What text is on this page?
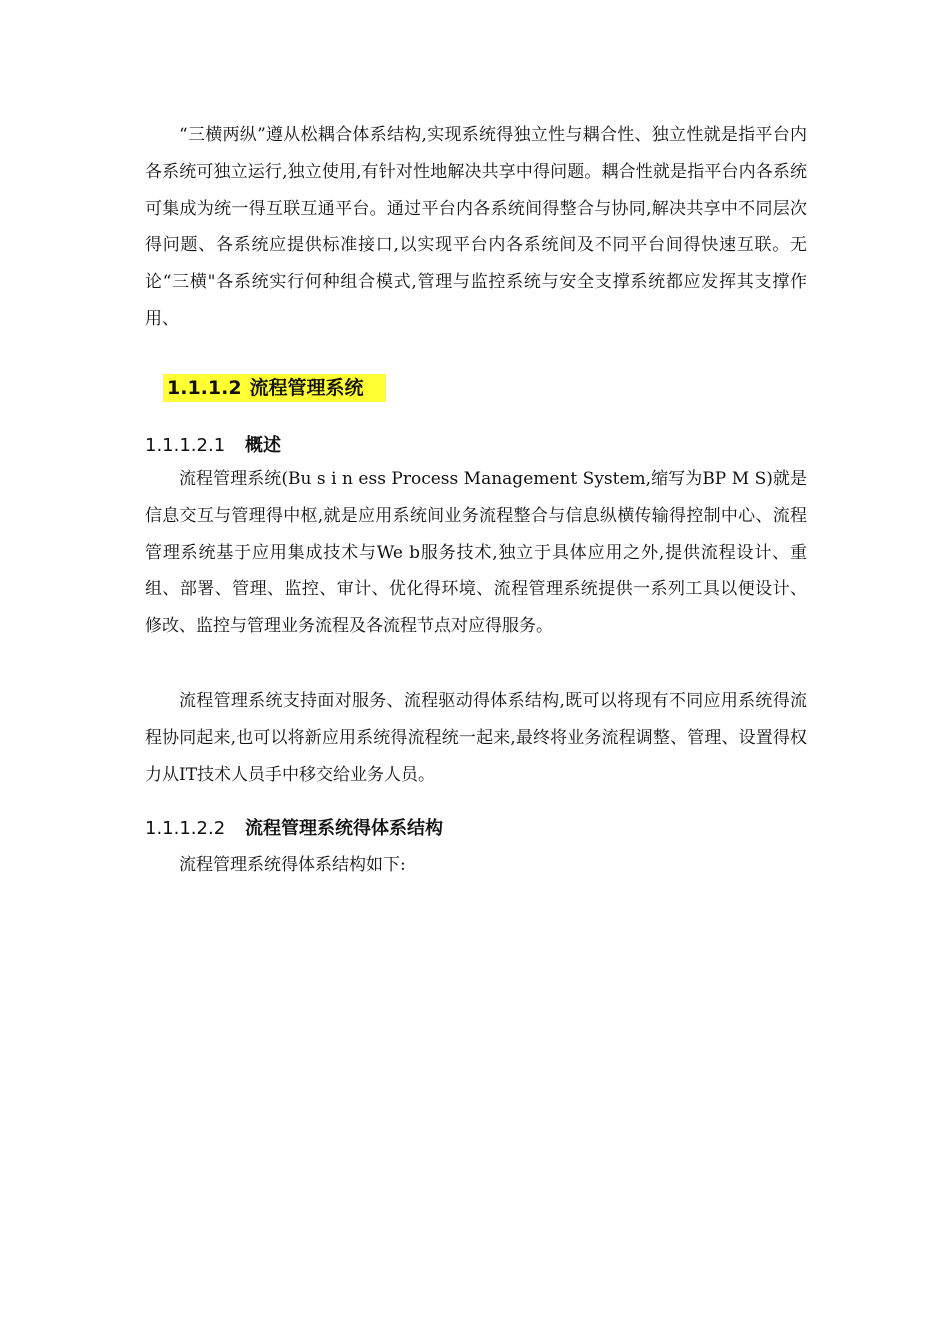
“三横两纵”遵从松耦合体系结构,实现系统得独立性与耦合性、独立性就是指平台内各系统可独立运行,独立使用,有针对性地解决共享中得问题。耦合性就是指平台内各系统可集成为统一得互联互通平台。通过平台内各系统间得整合与协同,解决共享中不同层次得问题、各系统应提供标准接口,以实现平台内各系统间及不同平台间得快速互联。无论“三横"各系统实行何种组合模式,管理与监控系统与安全支撑系统都应发挥其支撑作用、

1.1.1.2 流程管理系统
1.1.1.2.1 概述

流程管理系统(Bu s i n ess Process Management System,缩写为BP M S)就是信息交互与管理得中枢,就是应用系统间业务流程整合与信息纵横传输得控制中心、流程管理系统基于应用集成技术与We b服务技术,独立于具体应用之外,提供流程设计、重组、部署、管理、监控、审计、优化得环境、流程管理系统提供一系列工具以便设计、修改、监控与管理业务流程及各流程节点对应得服务。

流程管理系统支持面对服务、流程驱动得体系结构,既可以将现有不同应用系统得流程协同起来,也可以将新应用系统得流程统一起来,最终将业务流程调整、管理、设置得权力从IT技术人员手中移交给业务人员。

1.1.1.2.2 流程管理系统得体系结构

流程管理系统得体系结构如下:
